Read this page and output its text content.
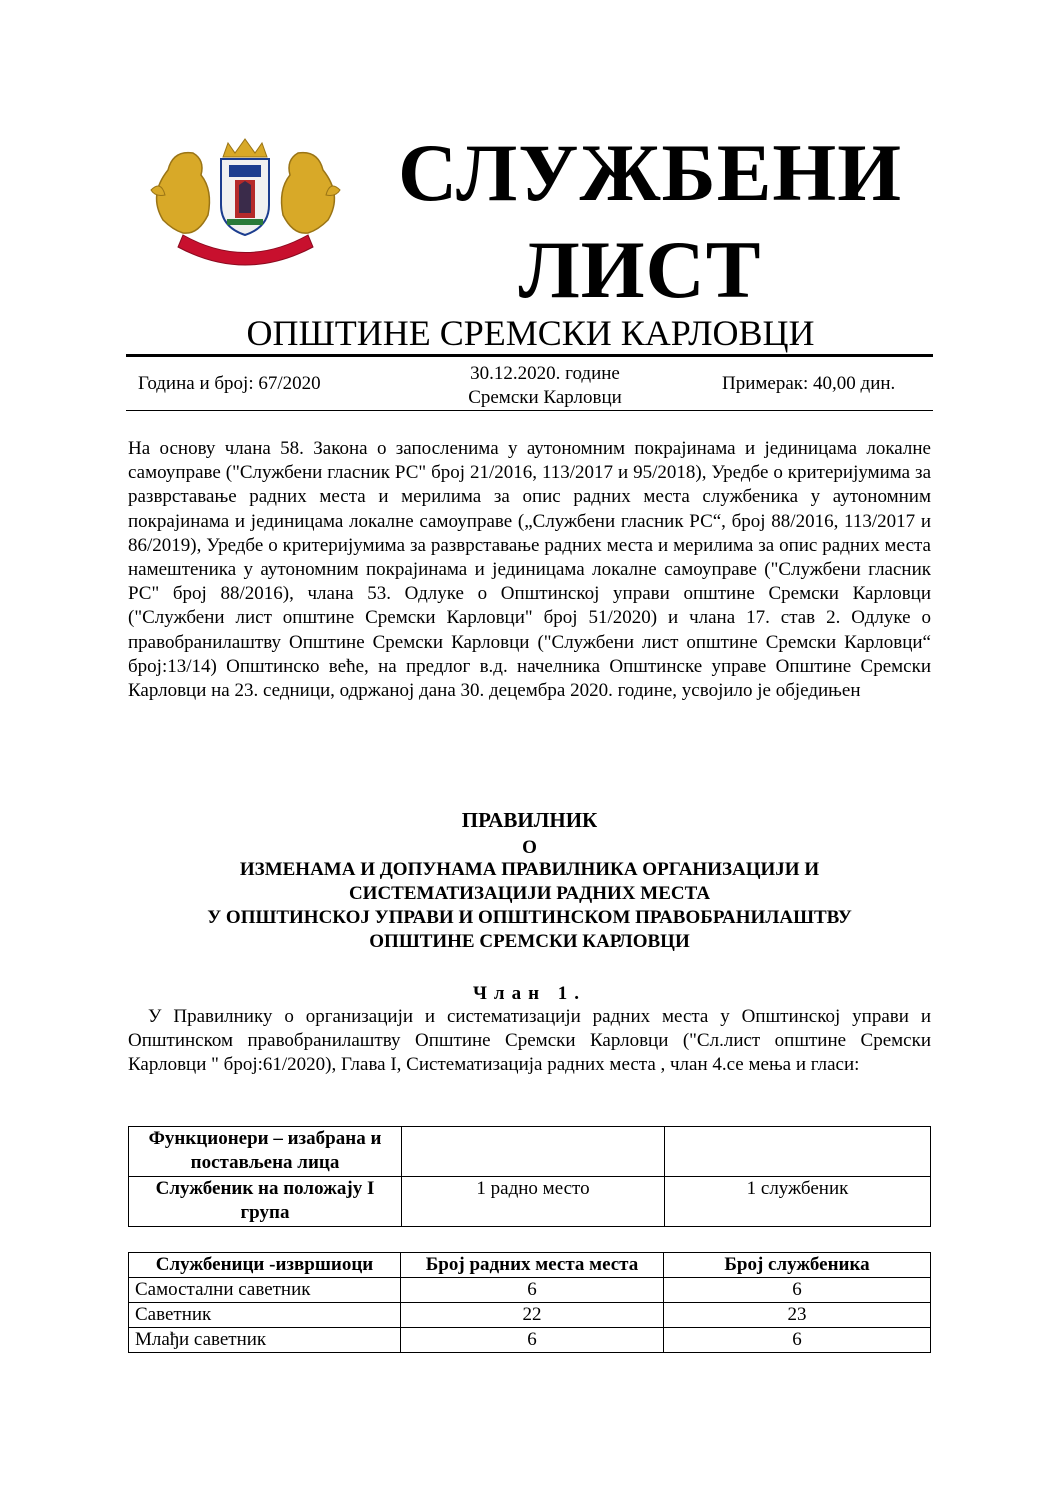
СЛУЖБЕНИ
ЛИСТ
ОПШТИНЕ СРЕМСКИ КАРЛОВЦИ
Година и број: 67/2020	30.12.2020. године
Сремски Карловци
Примерак: 40,00 дин.
На основу члана 58. Закона о запосленима у аутономним покрајинама и јединицама локалне самоуправе ("Службени гласник РС" број 21/2016, 113/2017 и 95/2018), Уредбе о критеријумима за разврставање радних места и мерилима за опис радних места службеника у аутономним покрајинама и јединицама локалне самоуправе („Службени гласник РС“, број 88/2016, 113/2017 и 86/2019), Уредбе о критеријумима за разврставање радних места и мерилима за опис радних места намештеника у аутономним покрајинама и јединицама локалне самоуправе ("Службени гласник РС" број 88/2016), члана 53. Одлуке о Општинској управи општине Сремски Карловци ("Службени лист општине Сремски Карловци" број 51/2020) и члана 17. став 2. Одлуке о правобранилаштву Општине Сремски Карловци ("Службени лист општине Сремски Карловци“ број:13/14) Општинско веће, на предлог в.д. начелника Општинске управе Општине Сремски Карловци на 23. седници, одржаној дана 30. децембра 2020. године, усвојило је обједињен
ПРАВИЛНИК
О
ИЗМЕНАМА И ДОПУНАМА ПРАВИЛНИКА ОРГАНИЗАЦИЈИ И
СИСТЕМАТИЗАЦИЈИ РАДНИХ МЕСТА
У ОПШТИНСКОЈ УПРАВИ И ОПШТИНСКОМ ПРАВОБРАНИЛАШТВУ
ОПШТИНЕ СРЕМСКИ КАРЛОВЦИ
Члан 1.
У Правилнику о организацији и систематизацији радних места у Општинској управи и Општинском правобранилаштву Општине Сремски Карловци ("Сл.лист општине Сремски Карловци " број:61/2020), Глава I, Систематизација радних места , члан 4.се мења и гласи:
Функционери – изабрана и постављена лица		
Службеник на положају I група	1 радно место	1 службеник
Службеници -извршиоци	Број радних места места	Број службеника
Самостални саветник	6	6
Саветник	22	23
Млађи саветник	6	6
